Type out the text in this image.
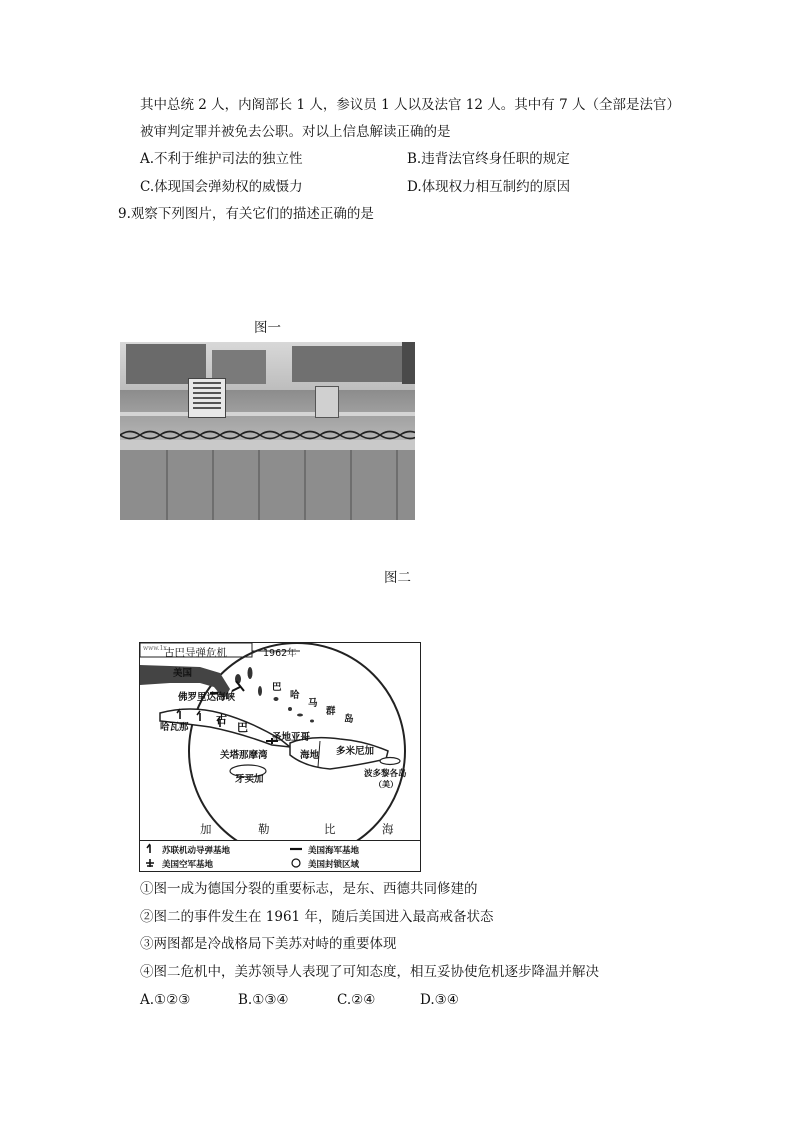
其中总统 2 人，内阁部长 1 人，参议员 1 人以及法官 12 人。其中有 7 人（全部是法官）
被审判定罪并被免去公职。对以上信息解读正确的是
A.不利于维护司法的独立性	B.违背法官终身任职的规定
C.体现国会弹劾权的威慑力	D.体现权力相互制约的原因
9.观察下列图片，有关它们的描述正确的是
图一
图二
www.1x...
古巴导弹危机	1962年
美国
佛罗里达海峡
哈瓦那
古
巴
巴
哈
马
群
岛
圣地亚哥
关塔那摩湾	海地 多米尼加
牙买加	波多黎各岛
（美）
加	勒	比	海
苏联机动导弹基地
美国空军基地
美国海军基地
美国封锁区域
①图一成为德国分裂的重要标志，是东、西德共同修建的
②图二的事件发生在 1961 年，随后美国进入最高戒备状态
③两图都是冷战格局下美苏对峙的重要体现
④图二危机中，美苏领导人表现了可知态度，相互妥协使危机逐步降温并解决
A.①②③	B.①③④	C.②④	D.③④
